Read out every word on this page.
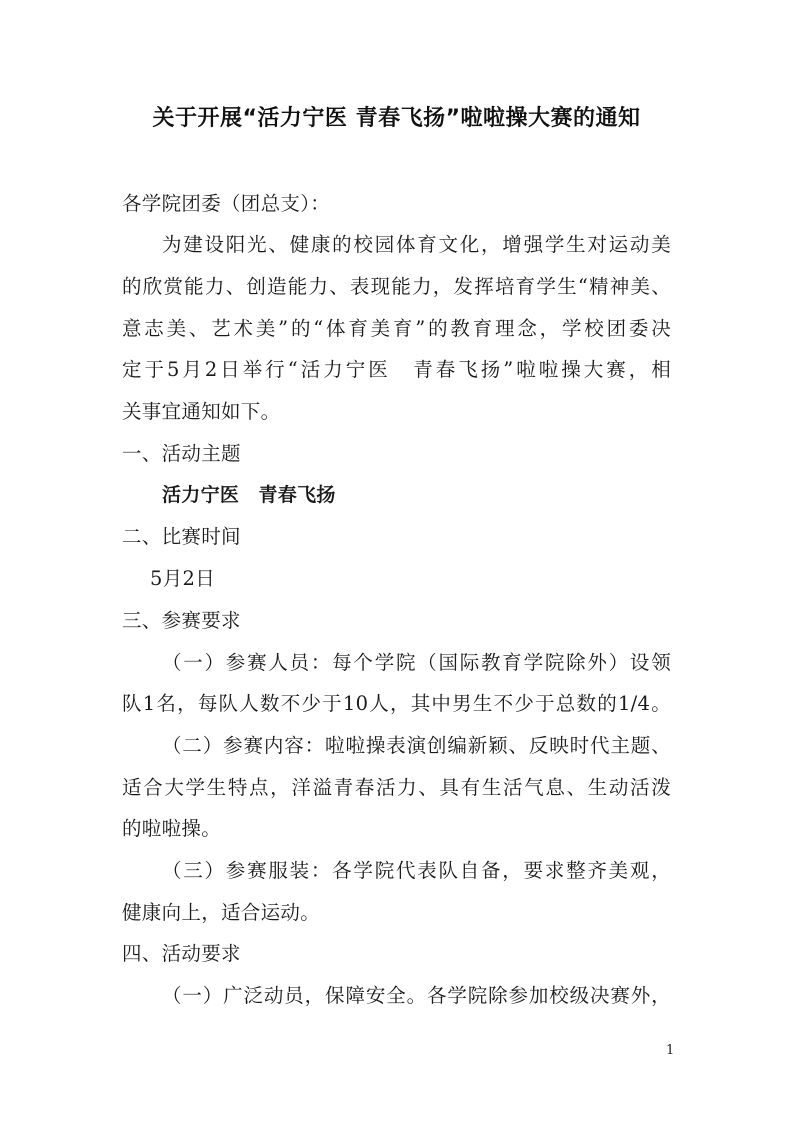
关于开展“活力宁医 青春飞扬”啦啦操大赛的通知
各学院团委（团总支）：
为建设阳光、健康的校园体育文化，增强学生对运动美
的欣赏能力、创造能力、表现能力，发挥培育学生“精神美、
意志美、艺术美”的“体育美育”的教育理念，学校团委决
定于5月2日举行“活力宁医　青春飞扬”啦啦操大赛，相
关事宜通知如下。
一、活动主题
活力宁医　青春飞扬
二、比赛时间
5月2日
三、参赛要求
（一）参赛人员：每个学院（国际教育学院除外）设领
队1名，每队人数不少于10人，其中男生不少于总数的1/4。
（二）参赛内容：啦啦操表演创编新颖、反映时代主题、
适合大学生特点，洋溢青春活力、具有生活气息、生动活泼
的啦啦操。
（三）参赛服装：各学院代表队自备，要求整齐美观，
健康向上，适合运动。
四、活动要求
（一）广泛动员，保障安全。各学院除参加校级决赛外，
1
